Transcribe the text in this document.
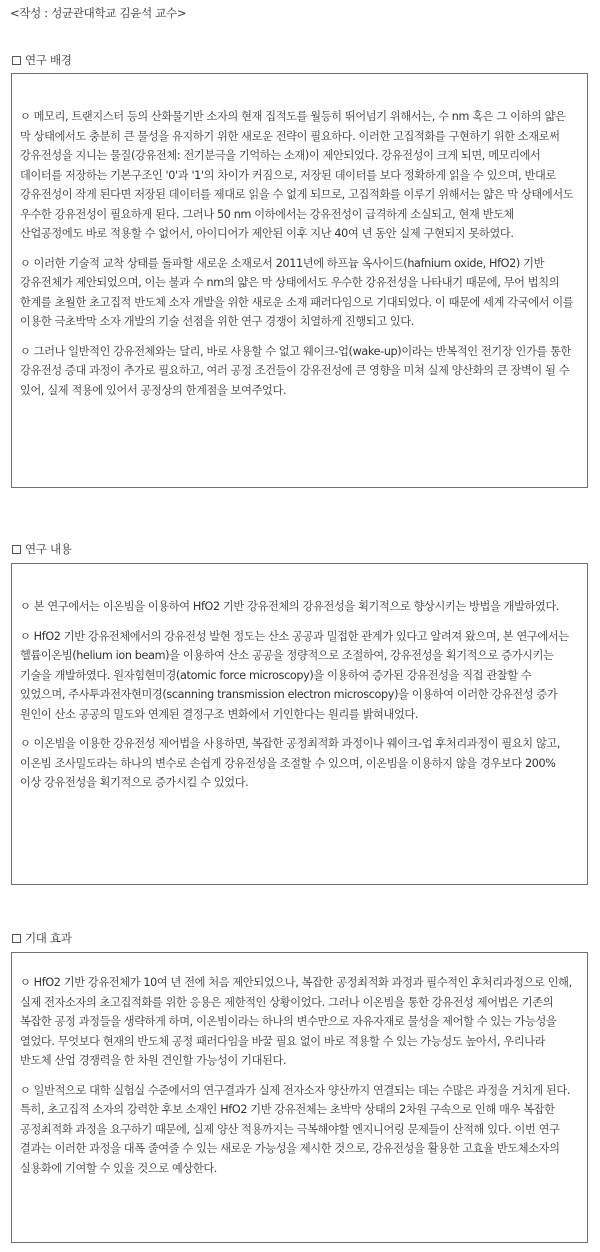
<작성 : 성균관대학교 김윤석 교수>
연구 배경

ㅇ 메모리, 트랜지스터 등의 산화물기반 소자의 현재 집적도를 월등히 뛰어넘기 위해서는, 수 nm 혹은 그 이하의 얇은 막 상태에서도 충분히 큰 물성을 유지하기 위한 새로운 전략이 필요하다. 이러한 고집적화를 구현하기 위한 소재로써 강유전성을 지니는 물질(강유전체: 전기분극을 기억하는 소재)이 제안되었다. 강유전성이 크게 되면, 메모리에서 데이터를 저장하는 기본구조인 '0'과 '1'의 차이가 커짐으로, 저장된 데이터를 보다 정확하게 읽을 수 있으며, 반대로 강유전성이 작게 된다면 저장된 데이터를 제대로 읽을 수 없게 되므로, 고집적화를 이루기 위해서는 얇은 막 상태에서도 우수한 강유전성이 필요하게 된다. 그러나 50 nm 이하에서는 강유전성이 급격하게 소실되고, 현재 반도체 산업공정에도 바로 적용할 수 없어서, 아이디어가 제안된 이후 지난 40여 년 동안 실제 구현되지 못하였다.

ㅇ 이러한 기술적 교착 상태를 돌파할 새로운 소재로서 2011년에 하프늄 옥사이드(hafnium oxide, HfO2) 기반 강유전체가 제안되었으며, 이는 불과 수 nm의 얇은 막 상태에서도 우수한 강유전성을 나타내기 때문에, 무어 법칙의 한계를 초월한 초고집적 반도체 소자 개발을 위한 새로운 소재 패러다임으로 기대되었다. 이 때문에 세계 각국에서 이를 이용한 극초박막 소자 개발의 기술 선점을 위한 연구 경쟁이 치열하게 진행되고 있다.

ㅇ 그러나 일반적인 강유전체와는 달리, 바로 사용할 수 없고 웨이크-업(wake-up)이라는 반복적인 전기장 인가를 통한 강유전성 증대 과정이 추가로 필요하고, 여러 공정 조건들이 강유전성에 큰 영향을 미쳐 실제 양산화의 큰 장벽이 될 수 있어, 실제 적용에 있어서 공정상의 한계점을 보여주었다.

연구 내용

ㅇ 본 연구에서는 이온빔을 이용하여 HfO2 기반 강유전체의 강유전성을 획기적으로 향상시키는 방법을 개발하였다.

ㅇ HfO2 기반 강유전체에서의 강유전성 발현 정도는 산소 공공과 밀접한 관계가 있다고 알려져 왔으며, 본 연구에서는 헬륨이온빔(helium ion beam)을 이용하여 산소 공공을 정량적으로 조절하여, 강유전성을 획기적으로 증가시키는 기술을 개발하였다. 원자힘현미경(atomic force microscopy)을 이용하여 증가된 강유전성을 직접 관찰할 수 있었으며, 주사투과전자현미경(scanning transmission electron microscopy)을 이용하여 이러한 강유전성 증가 원인이 산소 공공의 밀도와 연계된 결정구조 변화에서 기인한다는 원리를 밝혀내었다.

ㅇ 이온빔을 이용한 강유전성 제어법을 사용하면, 복잡한 공정최적화 과정이나 웨이크-업 후처리과정이 필요치 않고, 이온빔 조사밀도라는 하나의 변수로 손쉽게 강유전성을 조절할 수 있으며, 이온빔을 이용하지 않을 경우보다 200%이상 강유전성을 획기적으로 증가시킬 수 있었다.

기대 효과

ㅇ HfO2 기반 강유전체가 10여 년 전에 처음 제안되었으나, 복잡한 공정최적화 과정과 필수적인 후처리과정으로 인해, 실제 전자소자의 초고집적화를 위한 응용은 제한적인 상황이었다. 그러나 이온빔을 통한 강유전성 제어법은 기존의 복잡한 공정 과정들을 생략하게 하며, 이온빔이라는 하나의 변수만으로 자유자재로 물성을 제어할 수 있는 가능성을 열었다. 무엇보다 현재의 반도체 공정 패러다임을 바꿀 필요 없이 바로 적용할 수 있는 가능성도 높아서, 우리나라 반도체 산업 경쟁력을 한 차원 견인할 가능성이 기대된다.

ㅇ 일반적으로 대학 실험실 수준에서의 연구결과가 실제 전자소자 양산까지 연결되는 데는 수많은 과정을 거치게 된다. 특히, 초고집적 소자의 강력한 후보 소재인 HfO2 기반 강유전체는 초박막 상태의 2차원 구속으로 인해 매우 복잡한 공정최적화 과정을 요구하기 때문에, 실제 양산 적용까지는 극복해야할 엔지니어링 문제들이 산적해 있다. 이번 연구 결과는 이러한 과정을 대폭 줄여줄 수 있는 새로운 가능성을 제시한 것으로, 강유전성을 활용한 고효율 반도체소자의 실용화에 기여할 수 있을 것으로 예상한다.
